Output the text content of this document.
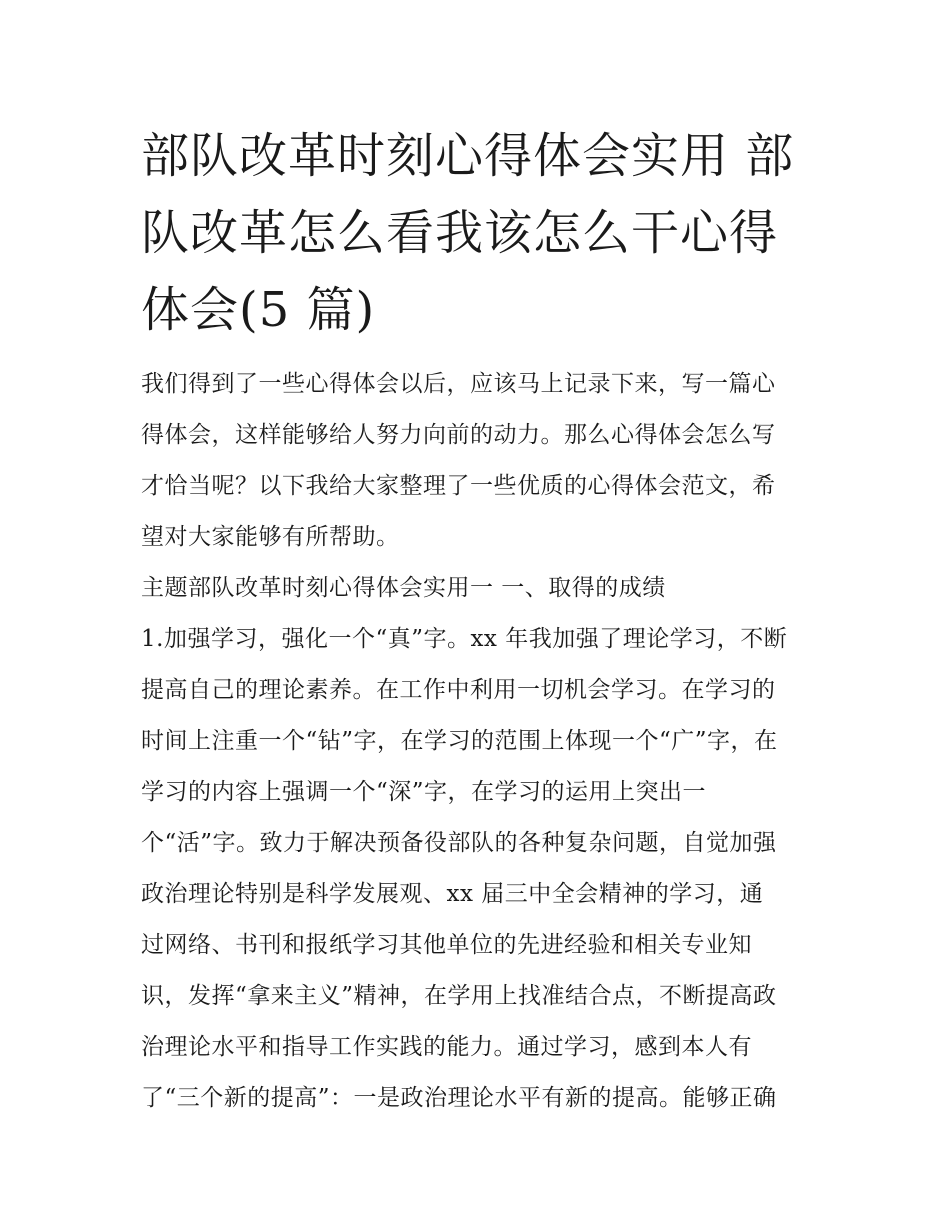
部队改革时刻心得体会实用 部
队改革怎么看我该怎么干心得
体会(5 篇)
我们得到了一些心得体会以后，应该马上记录下来，写一篇心
得体会，这样能够给人努力向前的动力。那么心得体会怎么写
才恰当呢？以下我给大家整理了一些优质的心得体会范文，希
望对大家能够有所帮助。
主题部队改革时刻心得体会实用一 一、取得的成绩
1.加强学习，强化一个“真”字。xx 年我加强了理论学习，不断
提高自己的理论素养。在工作中利用一切机会学习。在学习的
时间上注重一个“钻”字，在学习的范围上体现一个“广”字，在
学习的内容上强调一个“深”字，在学习的运用上突出一
个“活”字。致力于解决预备役部队的各种复杂问题，自觉加强
政治理论特别是科学发展观、xx 届三中全会精神的学习，通
过网络、书刊和报纸学习其他单位的先进经验和相关专业知
识，发挥“拿来主义”精神，在学用上找准结合点，不断提高政
治理论水平和指导工作实践的能力。通过学习，感到本人有
了“三个新的提高”：一是政治理论水平有新的提高。能够正确
